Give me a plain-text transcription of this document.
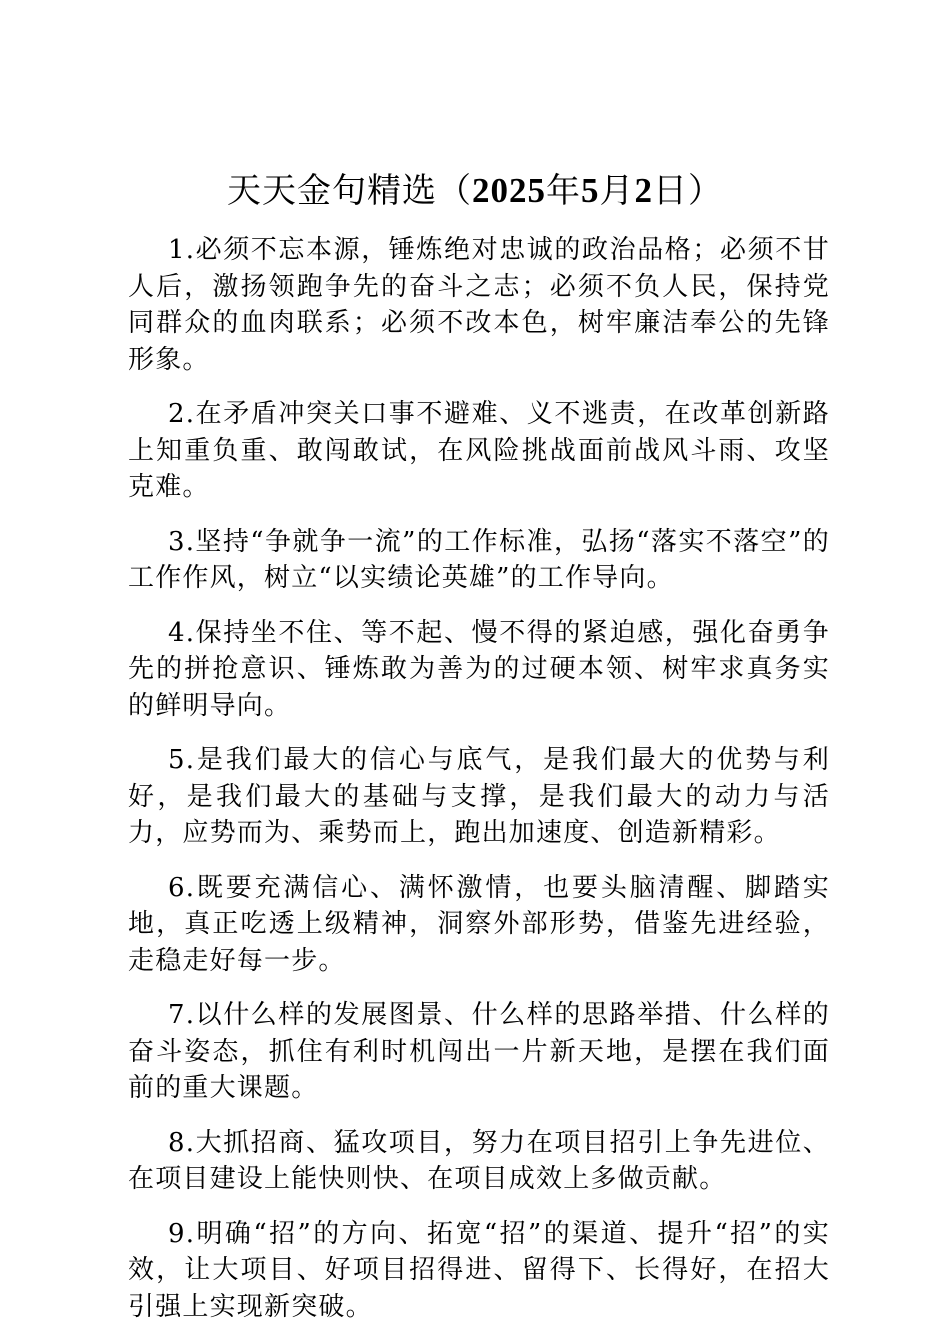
天天金句精选（2025年5月2日）

1.必须不忘本源，锤炼绝对忠诚的政治品格；必须不甘人后，激扬领跑争先的奋斗之志；必须不负人民，保持党同群众的血肉联系；必须不改本色，树牢廉洁奉公的先锋形象。

2.在矛盾冲突关口事不避难、义不逃责，在改革创新路上知重负重、敢闯敢试，在风险挑战面前战风斗雨、攻坚克难。

3.坚持“争就争一流”的工作标准，弘扬“落实不落空”的工作作风，树立“以实绩论英雄”的工作导向。

4.保持坐不住、等不起、慢不得的紧迫感，强化奋勇争先的拼抢意识、锤炼敢为善为的过硬本领、树牢求真务实的鲜明导向。

5.是我们最大的信心与底气，是我们最大的优势与利好，是我们最大的基础与支撑，是我们最大的动力与活力，应势而为、乘势而上，跑出加速度、创造新精彩。

6.既要充满信心、满怀激情，也要头脑清醒、脚踏实地，真正吃透上级精神，洞察外部形势，借鉴先进经验，走稳走好每一步。

7.以什么样的发展图景、什么样的思路举措、什么样的奋斗姿态，抓住有利时机闯出一片新天地，是摆在我们面前的重大课题。

8.大抓招商、猛攻项目，努力在项目招引上争先进位、在项目建设上能快则快、在项目成效上多做贡献。

9.明确“招”的方向、拓宽“招”的渠道、提升“招”的实效，让大项目、好项目招得进、留得下、长得好，在招大引强上实现新突破。
